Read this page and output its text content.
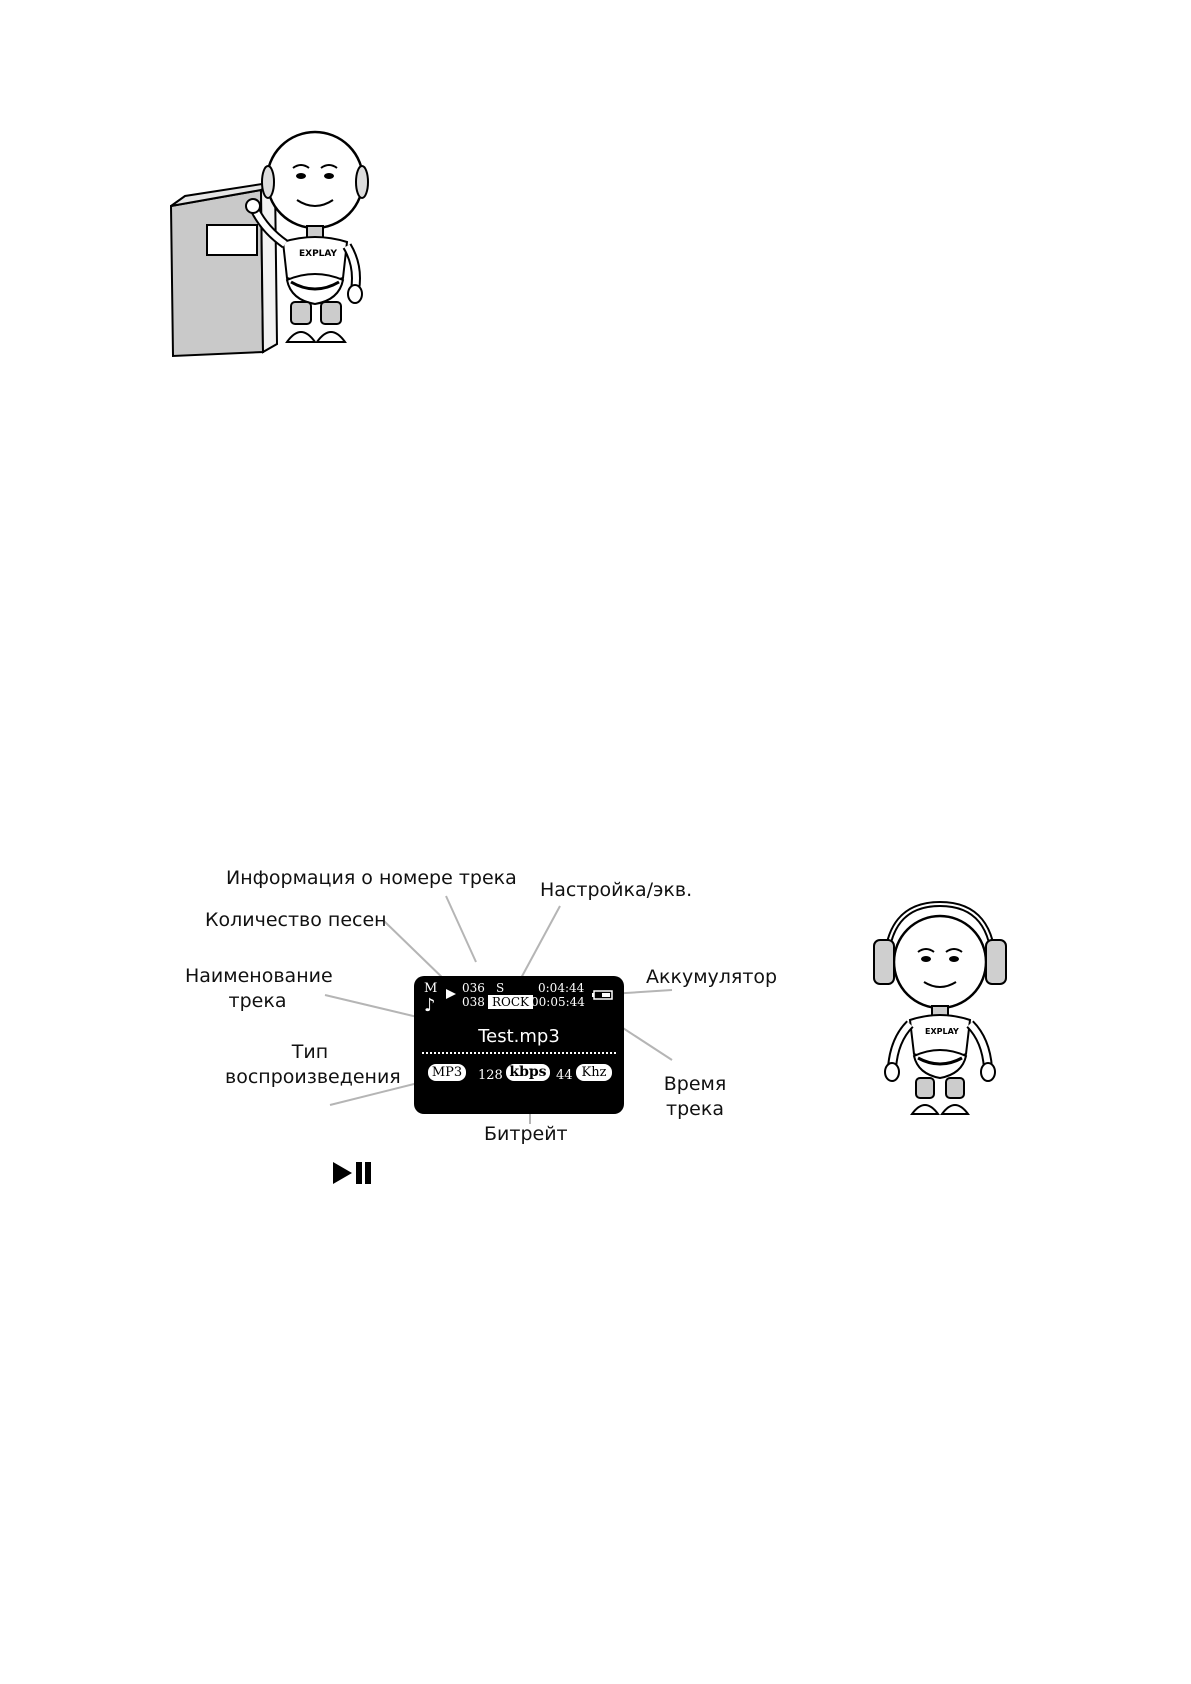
EXPLAY
Информация о номере трека
Настройка/экв.
Количество песен
Наименование
трека
Аккумулятор
Тип
воспроизведения	Время
трека
Битрейт
M
♪
036
038
S
ROCK
0:04:44
00:05:44
Test.mp3
MP3 128 kbps 44 Khz
EXPLAY
